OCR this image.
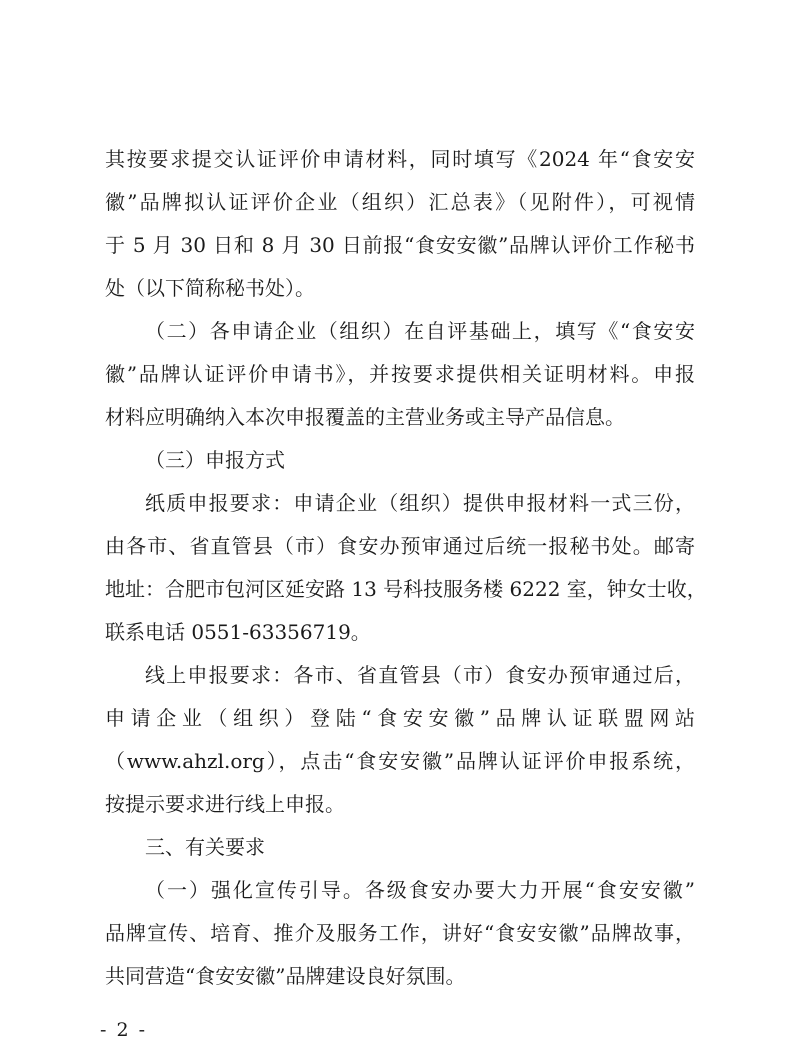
其按要求提交认证评价申请材料，同时填写《2024 年“食安安
徽”品牌拟认证评价企业（组织）汇总表》（见附件），可视情
于 5 月 30 日和 8 月 30 日前报“食安安徽”品牌认评价工作秘书
处（以下简称秘书处）。
（二）各申请企业（组织）在自评基础上，填写《“食安安
徽”品牌认证评价申请书》，并按要求提供相关证明材料。申报
材料应明确纳入本次申报覆盖的主营业务或主导产品信息。
（三）申报方式
纸质申报要求：申请企业（组织）提供申报材料一式三份，
由各市、省直管县（市）食安办预审通过后统一报秘书处。邮寄
地址：合肥市包河区延安路 13 号科技服务楼 6222 室，钟女士收，
联系电话 0551-63356719。
线上申报要求：各市、省直管县（市）食安办预审通过后，
申请企业（组织）登陆“食安安徽”品牌认证联盟网站
（www.ahzl.org），点击“食安安徽”品牌认证评价申报系统，
按提示要求进行线上申报。
三、有关要求
（一）强化宣传引导。各级食安办要大力开展“食安安徽”
品牌宣传、培育、推介及服务工作，讲好“食安安徽”品牌故事，
共同营造“食安安徽”品牌建设良好氛围。
- 2 -
